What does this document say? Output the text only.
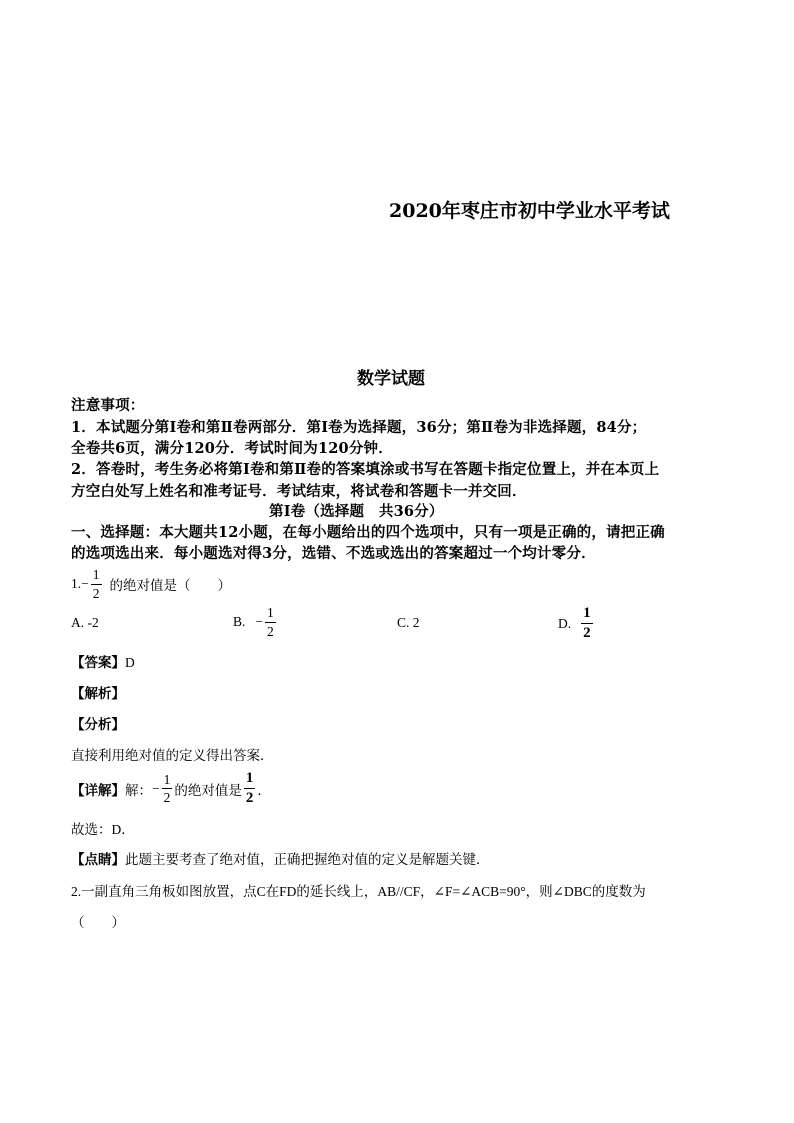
2020年枣庄市初中学业水平考试
数学试题
注意事项：
1．本试题分第Ⅰ卷和第Ⅱ卷两部分．第Ⅰ卷为选择题，36分；第Ⅱ卷为非选择题，84分；
全卷共6页，满分120分．考试时间为120分钟．
2．答卷时，考生务必将第Ⅰ卷和第Ⅱ卷的答案填涂或书写在答题卡指定位置上，并在本页上
方空白处写上姓名和准考证号．考试结束，将试卷和答题卡一并交回．
第Ⅰ卷（选择题　共36分）
一、选择题：本大题共12小题，在每小题给出的四个选项中，只有一项是正确的，请把正确
的选项选出来．每小题选对得3分，选错、不选或选出的答案超过一个均计零分．
1. − $\frac{1}{2}$ 的绝对值是（　　）
A. -2	B. − $\frac{1}{2}$	C. 2	D. $\frac{1}{2}$
【答案】D
【解析】
【分析】
直接利用绝对值的定义得出答案．
【详解】 解： − $\frac{1}{2}$ 的绝对值是 $\frac{1}{2}$ ．
故选：D．
【点睛】此题主要考查了绝对值，正确把握绝对值的定义是解题关键．
2.一副直角三角板如图放置，点C在FD的延长线上，AB//CF，∠F=∠ACB=90°，则∠DBC的度数为
（　　）
